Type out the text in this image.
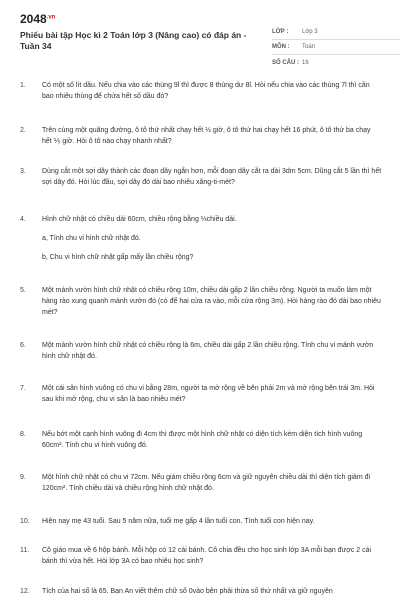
$2048^{.vn}$
Phiếu bài tập Học kì 2 Toán lớp 3 (Nâng cao) có đáp án - Tuần 34
LỚP :	Lớp 3
MÔN :	Toán
SỐ CÂU : 16
1.	Có một số lít dầu. Nếu chia vào các thùng 9l thì được 8 thùng dư 8l. Hỏi nếu chia vào các thùng 7l thì cần bao nhiêu thùng để chứa hết số dầu đó?
2.	Trên cùng một quãng đường, ô tô thứ nhất chạy hết ½ giờ, ô tô thứ hai chạy hết 16 phút, ô tô thứ ba chạy hết ⅕ giờ. Hỏi ô tô nào chạy nhanh nhất?
3.	Dùng cắt một sợi dây thành các đoạn dây ngắn hơn, mỗi đoạn dây cắt ra dài 3dm 5cm. Dũng cắt 5 lần thì hết sợi dây đó. Hỏi lúc đầu, sợi dây đó dài bao nhiêu xăng-ti-mét?
4.	Hình chữ nhật có chiều dài 60cm, chiều rộng bằng ⅓chiều dài.
a, Tính chu vi hình chữ nhật đó.
b, Chu vi hình chữ nhật gấp mấy lần chiều rộng?
5.	Một mảnh vườn hình chữ nhật có chiều rộng 10m, chiều dài gấp 2 lần chiều rộng. Người ta muốn làm một hàng rào xung quanh mảnh vườn đó (có để hai cửa ra vào, mỗi cửa rộng 3m). Hỏi hàng rào đó dài bao nhiêu mét?
6.	Một mảnh vườn hình chữ nhật có chiều rộng là 6m, chiều dài gấp 2 lần chiều rộng. Tính chu vi mảnh vườn hình chữ nhật đó.
7.	Một cái sân hình vuông có chu vi bằng 28m, người ta mở rộng về bên phải 2m và mở rộng bên trái 3m. Hỏi sau khi mở rộng, chu vi sân là bao nhiêu mét?
8.	Nếu bớt một cạnh hình vuông đi 4cm thì được một hình chữ nhật có diện tích kém diện tích hình vuông 60cm². Tính chu vi hình vuông đó.
9.	Một hình chữ nhật có chu vi 72cm. Nếu giảm chiều rộng 6cm và giữ nguyên chiều dài thì diện tích giảm đi 120cm². Tính chiều dài và chiều rộng hình chữ nhật đó.
10.	Hiện nay mẹ 43 tuổi. Sau 5 năm nữa, tuổi mẹ gấp 4 lần tuổi con. Tính tuổi con hiện nay.
11.	Cô giáo mua về 6 hộp bánh. Mỗi hộp có 12 cái bánh. Cô chia đều cho học sinh lớp 3A mỗi bạn được 2 cái bánh thì vừa hết. Hỏi lớp 3A có bao nhiêu học sinh?
12.	Tích của hai số là 65. Bạn An viết thêm chữ số 0vào bên phải thừa số thứ nhất và giữ nguyên
